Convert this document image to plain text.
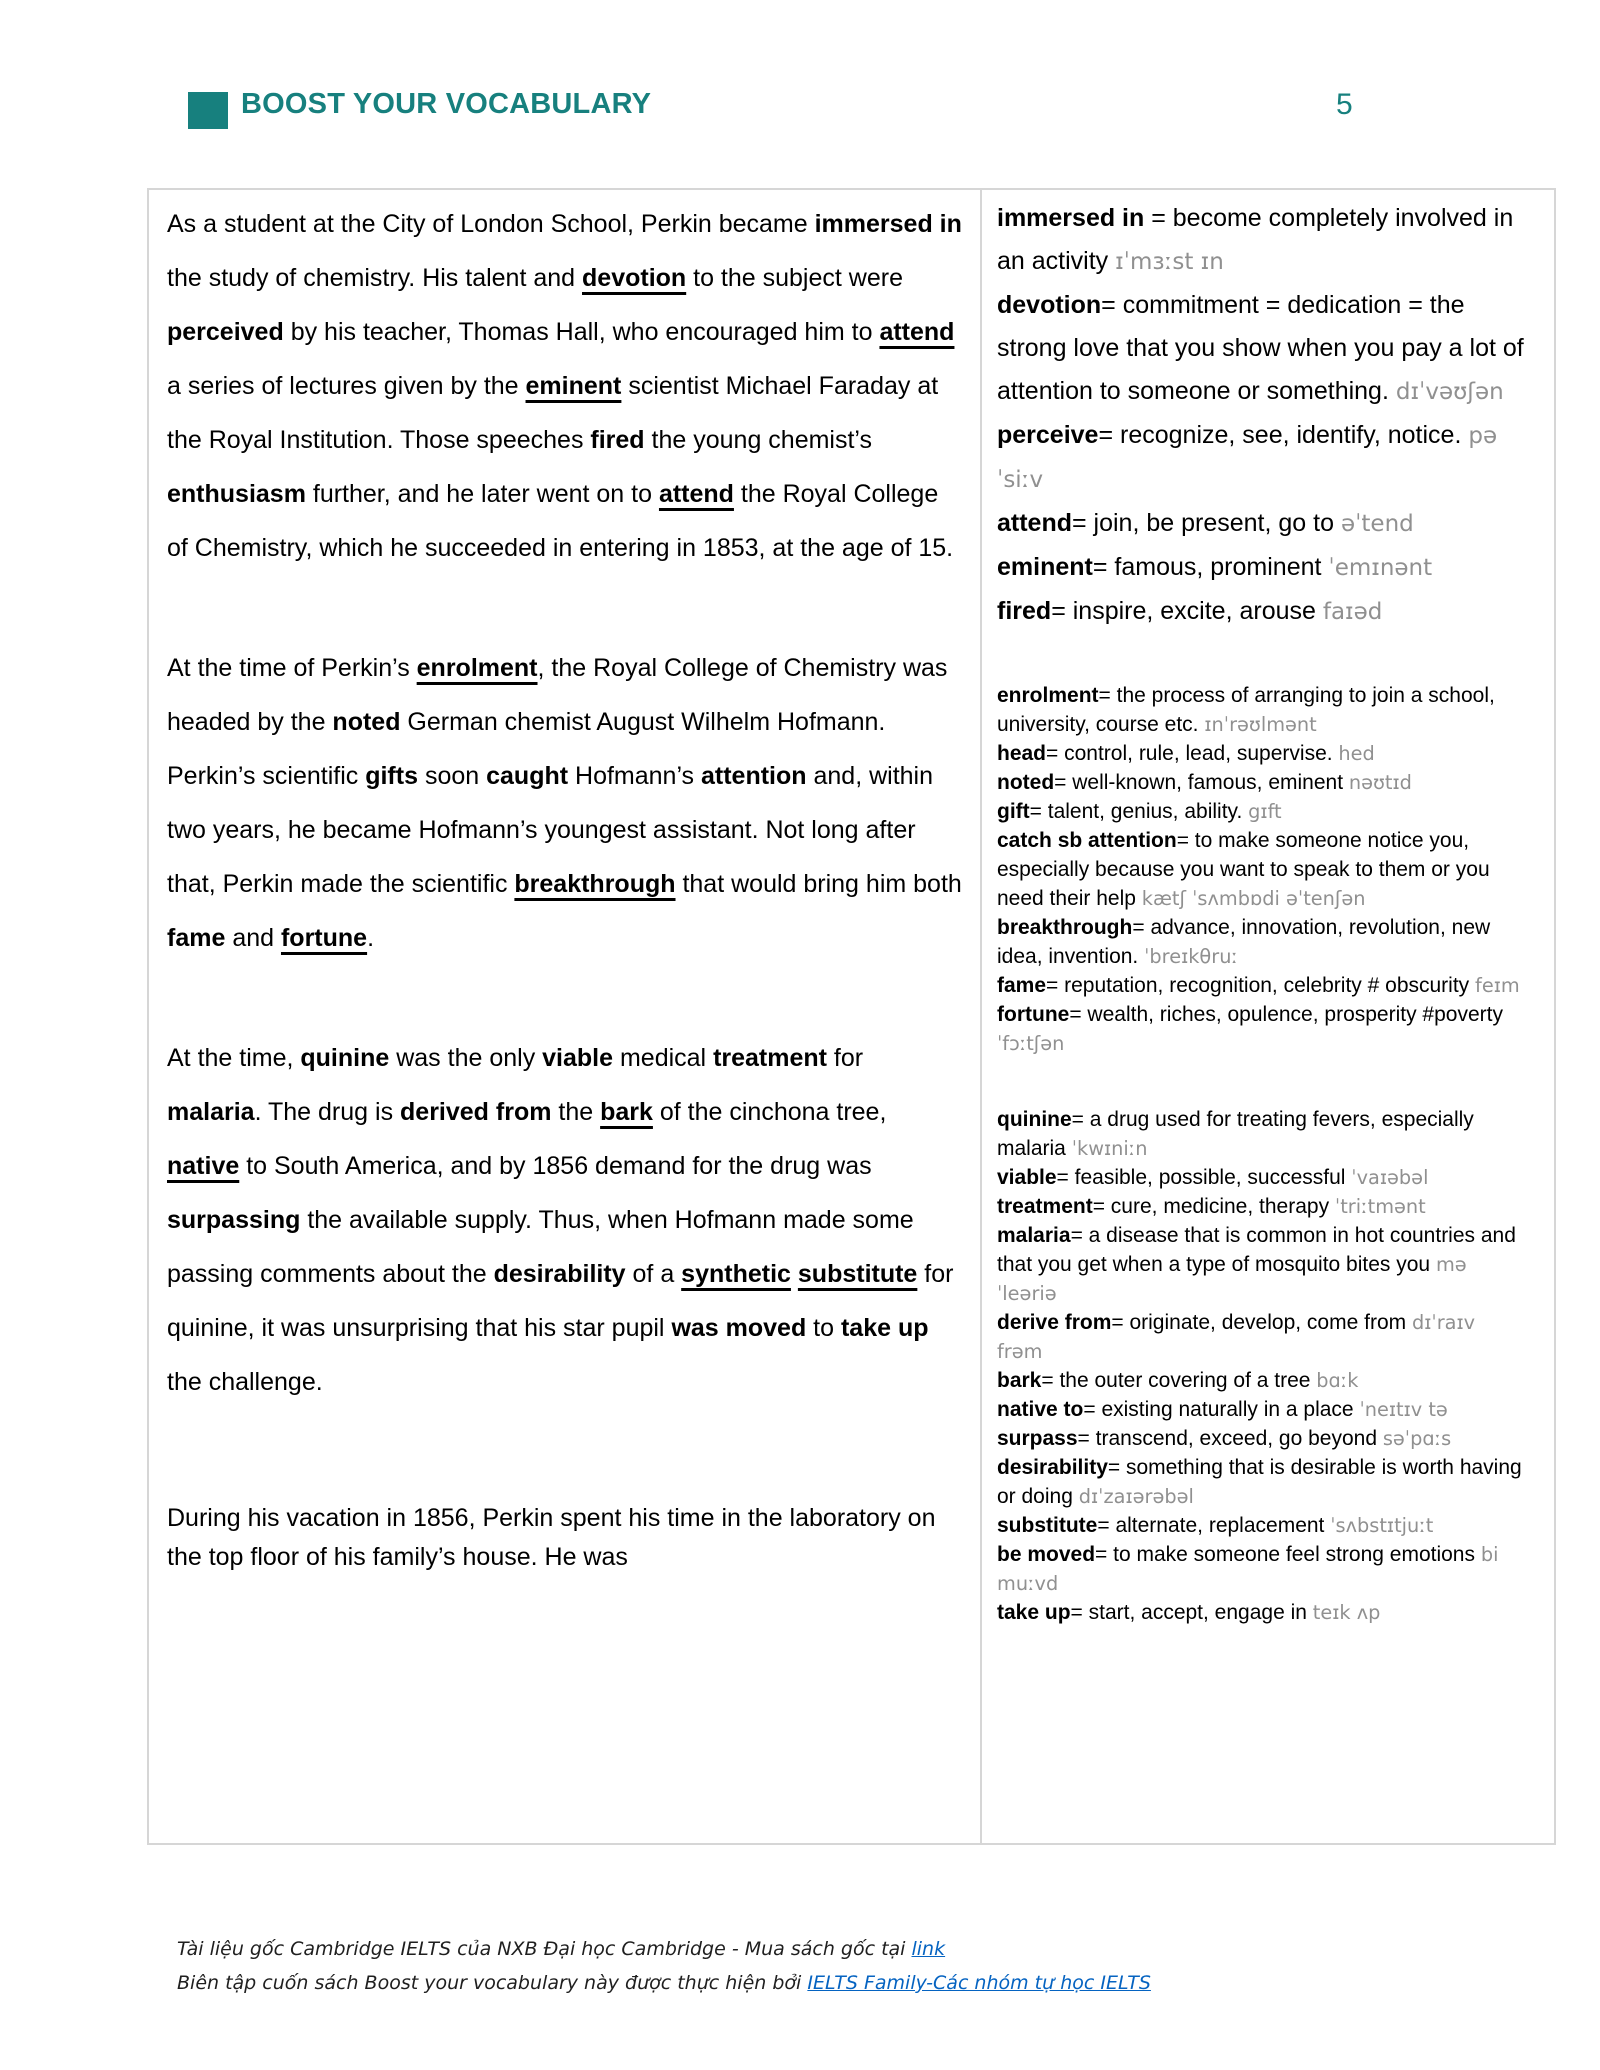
BOOST YOUR VOCABULARY	5

As a student at the City of London School, Perkin became immersed in the study of chemistry. His talent and devotion to the subject were perceived by his teacher, Thomas Hall, who encouraged him to attend a series of lectures given by the eminent scientist Michael Faraday at the Royal Institution. Those speeches fired the young chemist’s enthusiasm further, and he later went on to attend the Royal College of Chemistry, which he succeeded in entering in 1853, at the age of 15.

At the time of Perkin’s enrolment, the Royal College of Chemistry was headed by the noted German chemist August Wilhelm Hofmann. Perkin’s scientific gifts soon caught Hofmann’s attention and, within two years, he became Hofmann’s youngest assistant. Not long after that, Perkin made the scientific breakthrough that would bring him both fame and fortune.

At the time, quinine was the only viable medical treatment for malaria. The drug is derived from the bark of the cinchona tree, native to South America, and by 1856 demand for the drug was surpassing the available supply. Thus, when Hofmann made some passing comments about the desirability of a synthetic substitute for quinine, it was unsurprising that his star pupil was moved to take up the challenge.

During his vacation in 1856, Perkin spent his time in the laboratory on the top floor of his family’s house. He was

immersed in = become completely involved in an activity ɪˈmɜːst ɪn
devotion= commitment = dedication = the strong love that you show when you pay a lot of attention to someone or something. dɪˈvəʊʃən
perceive= recognize, see, identify, notice. pəˈsiːv
attend= join, be present, go to əˈtend
eminent= famous, prominent ˈemɪnənt
fired= inspire, excite, arouse faɪəd
enrolment= the process of arranging to join a school, university, course etc. ɪnˈrəʊlmənt
head= control, rule, lead, supervise. hed
noted= well-known, famous, eminent nəʊtɪd
gift= talent, genius, ability. gɪft
catch sb attention= to make someone notice you, especially because you want to speak to them or you need their help kætʃ ˈsʌmbɒdi əˈtenʃən
breakthrough= advance, innovation, revolution, new idea, invention. ˈbreɪkθruː
fame= reputation, recognition, celebrity # obscurity feɪm
fortune= wealth, riches, opulence, prosperity #poverty ˈfɔːtʃən
quinine= a drug used for treating fevers, especially malaria ˈkwɪniːn
viable= feasible, possible, successful ˈvaɪəbəl
treatment= cure, medicine, therapy ˈtriːtmənt
malaria= a disease that is common in hot countries and that you get when a type of mosquito bites you məˈleəriə
derive from= originate, develop, come from dɪˈraɪv frəm
bark= the outer covering of a tree bɑːk
native to= existing naturally in a place ˈneɪtɪv tə
surpass= transcend, exceed, go beyond səˈpɑːs
desirability= something that is desirable is worth having or doing dɪˈzaɪərəbəl
substitute= alternate, replacement ˈsʌbstɪtjuːt
be moved= to make someone feel strong emotions bi muːvd
take up= start, accept, engage in teɪk ʌp
Tài liệu gốc Cambridge IELTS của NXB Đại học Cambridge - Mua sách gốc tại link
Biên tập cuốn sách Boost your vocabulary này được thực hiện bởi IELTS Family-Các nhóm tự học IELTS
